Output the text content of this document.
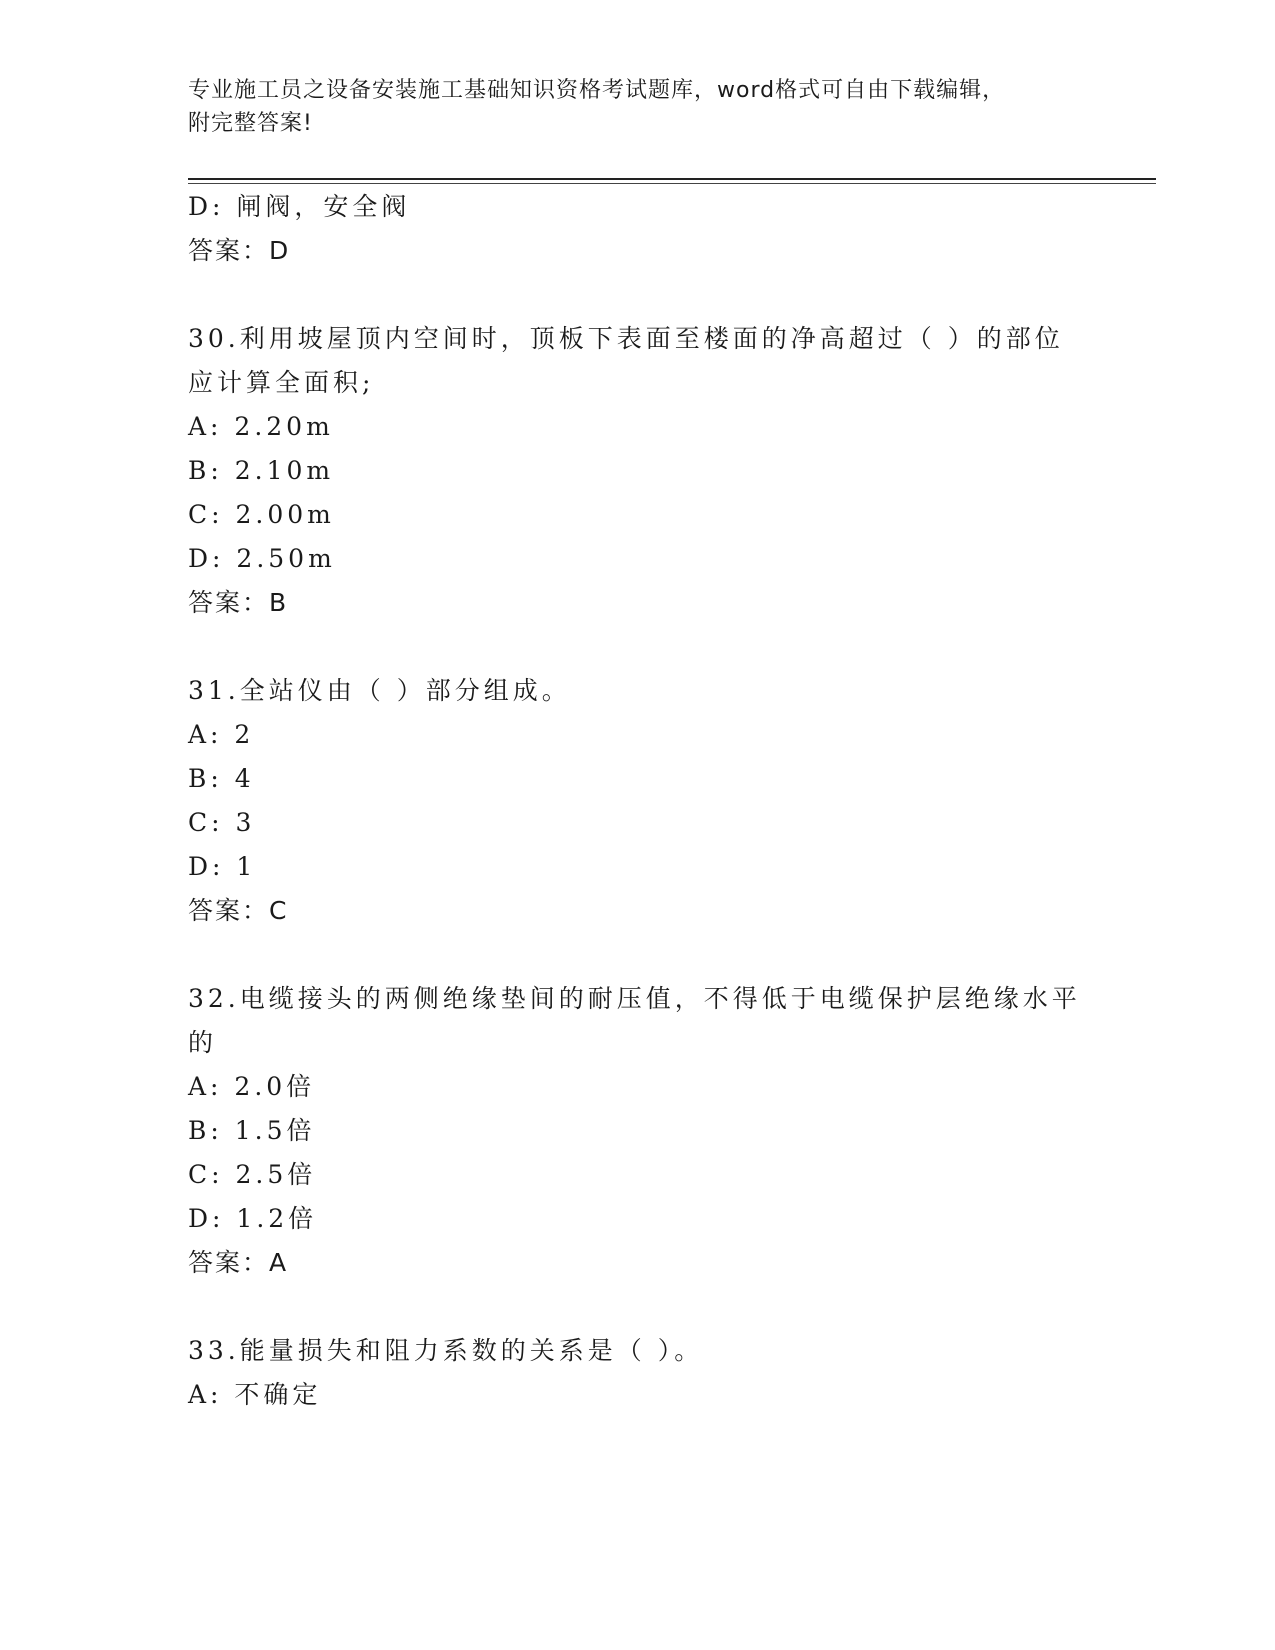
专业施工员之设备安装施工基础知识资格考试题库，word格式可自由下载编辑，
附完整答案!
D: 闸阀，安全阀
答案：D
30.利用坡屋顶内空间时，顶板下表面至楼面的净高超过（ ）的部位
应计算全面积;
A: 2.20m
B: 2.10m
C: 2.00m
D: 2.50m
答案：B
31.全站仪由（ ）部分组成。
A: 2
B: 4
C: 3
D: 1
答案：C
32.电缆接头的两侧绝缘垫间的耐压值，不得低于电缆保护层绝缘水平
的
A: 2.0倍
B: 1.5倍
C: 2.5倍
D: 1.2倍
答案：A
33.能量损失和阻力系数的关系是（ ）。
A: 不确定
